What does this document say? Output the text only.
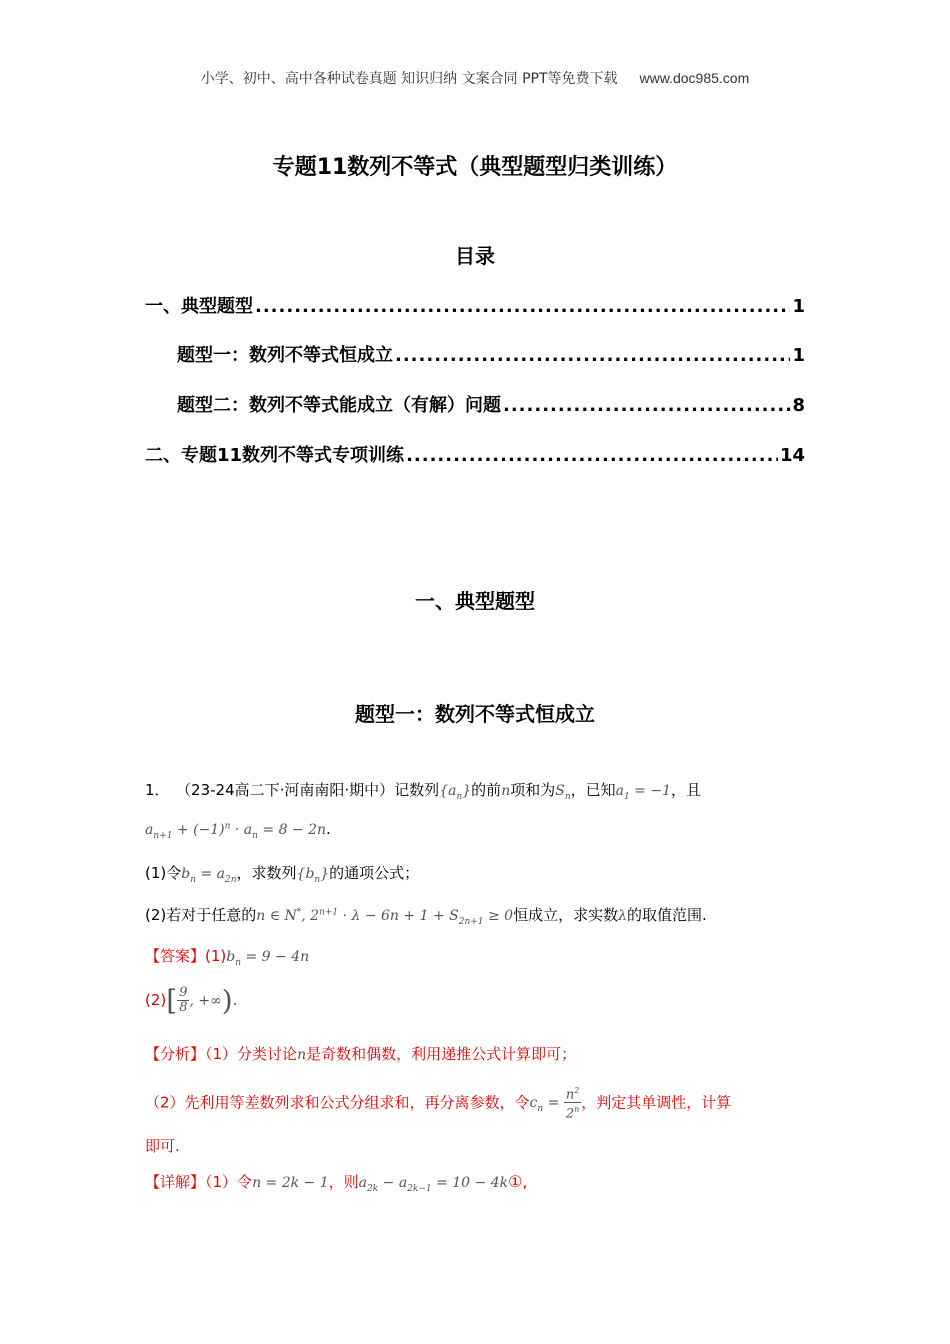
小学、初中、高中各种试卷真题 知识归纳 文案合同 PPT等免费下载 www.doc985.com
专题11数列不等式（典型题型归类训练）
目录
一、典型题型 .....	1
题型一：数列不等式恒成立 .....	1
题型二：数列不等式能成立（有解）问题 .....	8
二、专题11数列不等式专项训练 .....	14
一、典型题型
题型一：数列不等式恒成立
1． （23-24高二下·河南南阳·期中）记数列$\{a_n\}$的前n项和为$S_n$，已知$a_1 = -1$，且
$a_{n+1} + (-1)^n \cdot a_n = 8 - 2n$.
(1)令$b_n = a_{2n}$，求数列$\{b_n\}$的通项公式；
(2)若对于任意的n ∈ N*, $2^{n+1} \cdot \lambda - 6n + 1 + S_{2n+1} \ge 0$恒成立，求实数λ的取值范围.
【答案】$(1)b_n = 9 - 4n$
$(2)[ \frac{9}{8}$ , +∞).
【分析】（1）分类讨论n是奇数和偶数，利用递推公式计算即可；
（2）先利用等差数列求和公式分组求和，再分离参数，令$c_n = \frac{n^2}{2^n}$ ，判定其单调性，计算
即可.
【详解】（1）令n = 2k − 1，则$a_{2k} - a_{2k-1} = 10$ − 4k①,
